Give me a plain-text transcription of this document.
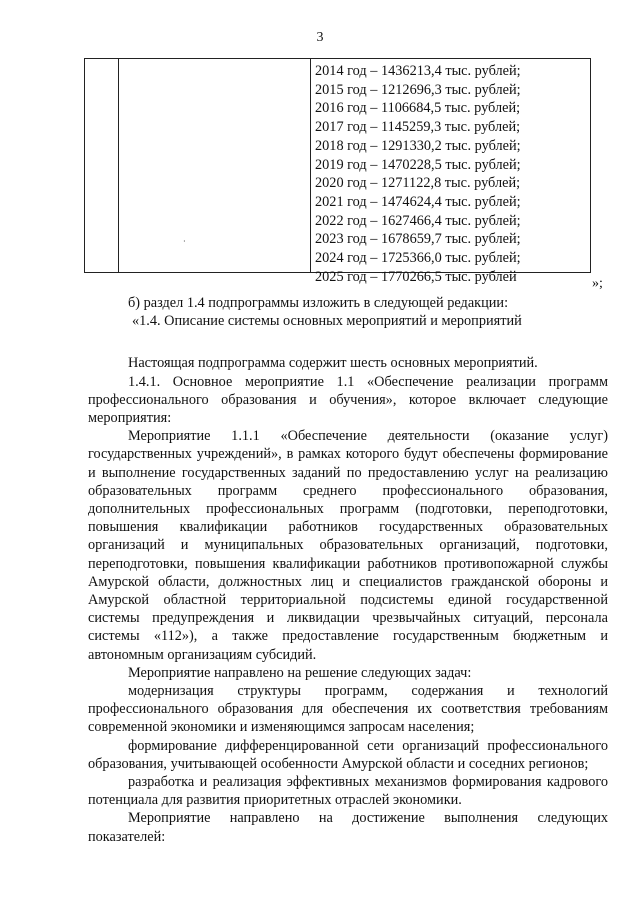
3
·
2014 год – 1436213,4 тыс. рублей;
2015 год – 1212696,3 тыс. рублей;
2016 год – 1106684,5 тыс. рублей;
2017 год – 1145259,3 тыс. рублей;
2018 год – 1291330,2 тыс. рублей;
2019 год – 1470228,5 тыс. рублей;
2020 год – 1271122,8 тыс. рублей;
2021 год – 1474624,4 тыс. рублей;
2022 год – 1627466,4 тыс. рублей;
2023 год – 1678659,7 тыс. рублей;
2024 год – 1725366,0 тыс. рублей;
2025 год – 1770266,5 тыс. рублей	»;

б) раздел 1.4 подпрограммы изложить в следующей редакции:

«1.4. Описание системы основных мероприятий и мероприятий

Настоящая подпрограмма содержит шесть основных мероприятий.

1.4.1. Основное мероприятие 1.1 «Обеспечение реализации программ профессионального образования и обучения», которое включает следующие мероприятия:

Мероприятие 1.1.1 «Обеспечение деятельности (оказание услуг) государственных учреждений», в рамках которого будут обеспечены формирование и выполнение государственных заданий по предоставлению услуг на реализацию образовательных программ среднего профессионального образования, дополнительных профессиональных программ (подготовки, переподготовки, повышения квалификации работников государственных образовательных организаций и муниципальных образовательных организаций, подготовки, переподготовки, повышения квалификации работников противопожарной службы Амурской области, должностных лиц и специалистов гражданской обороны и Амурской областной территориальной подсистемы единой государственной системы предупреждения и ликвидации чрезвычайных ситуаций, персонала системы «112»), а также предоставление государственным бюджетным и автономным организациям субсидий.

Мероприятие направлено на решение следующих задач:

модернизация структуры программ, содержания и технологий профессионального образования для обеспечения их соответствия требованиям современной экономики и изменяющимся запросам населения;

формирование дифференцированной сети организаций профессионального образования, учитывающей особенности Амурской области и соседних регионов;

разработка и реализация эффективных механизмов формирования кадрового потенциала для развития приоритетных отраслей экономики.

Мероприятие направлено на достижение выполнения следующих показателей:
